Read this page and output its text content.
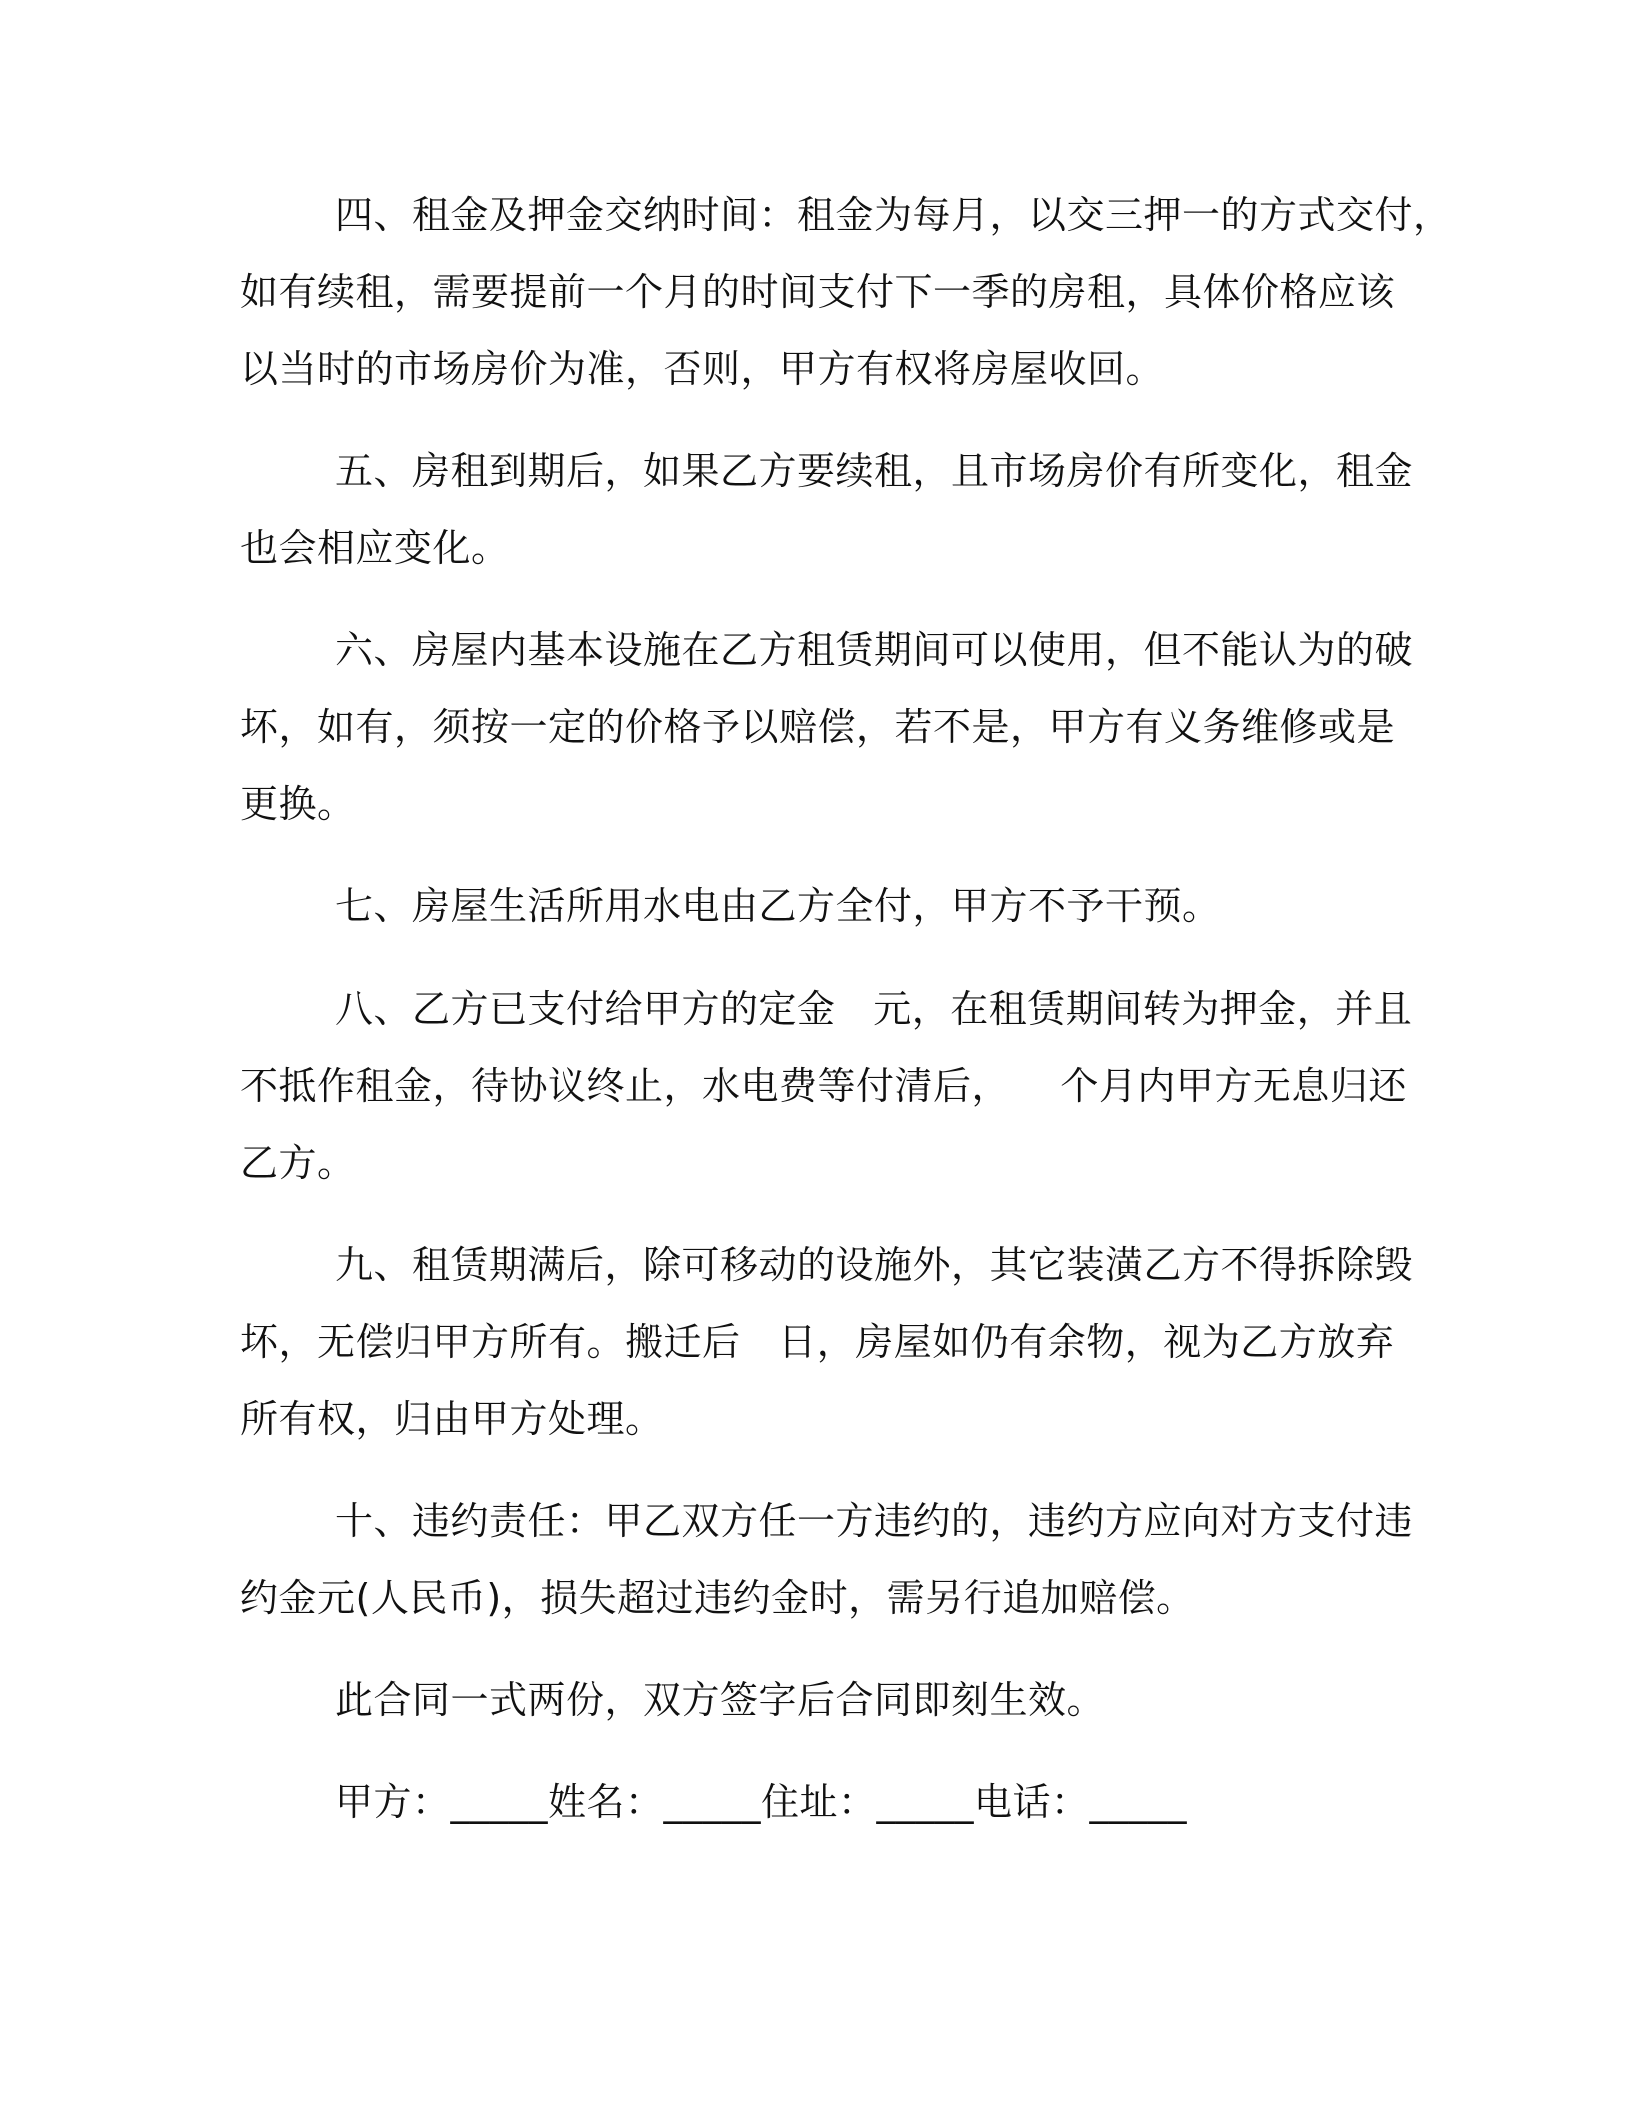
四、租金及押金交纳时间：租金为每月，以交三押一的方式交付，
如有续租，需要提前一个月的时间支付下一季的房租，具体价格应该
以当时的市场房价为准，否则，甲方有权将房屋收回。
五、房租到期后，如果乙方要续租，且市场房价有所变化，租金
也会相应变化。
六、房屋内基本设施在乙方租赁期间可以使用，但不能认为的破
坏，如有，须按一定的价格予以赔偿，若不是，甲方有义务维修或是
更换。
七、房屋生活所用水电由乙方全付，甲方不予干预。
八、乙方已支付给甲方的定金   元，在租赁期间转为押金，并且
不抵作租金，待协议终止，水电费等付清后，    个月内甲方无息归还
乙方。
九、租赁期满后，除可移动的设施外，其它装潢乙方不得拆除毁
坏，无偿归甲方所有。搬迁后   日，房屋如仍有余物，视为乙方放弃
所有权，归由甲方处理。
十、违约责任：甲乙双方任一方违约的，违约方应向对方支付违
约金元(人民币)，损失超过违约金时，需另行追加赔偿。
此合同一式两份，双方签字后合同即刻生效。
甲方：_____姓名：_____住址：_____电话：_____
